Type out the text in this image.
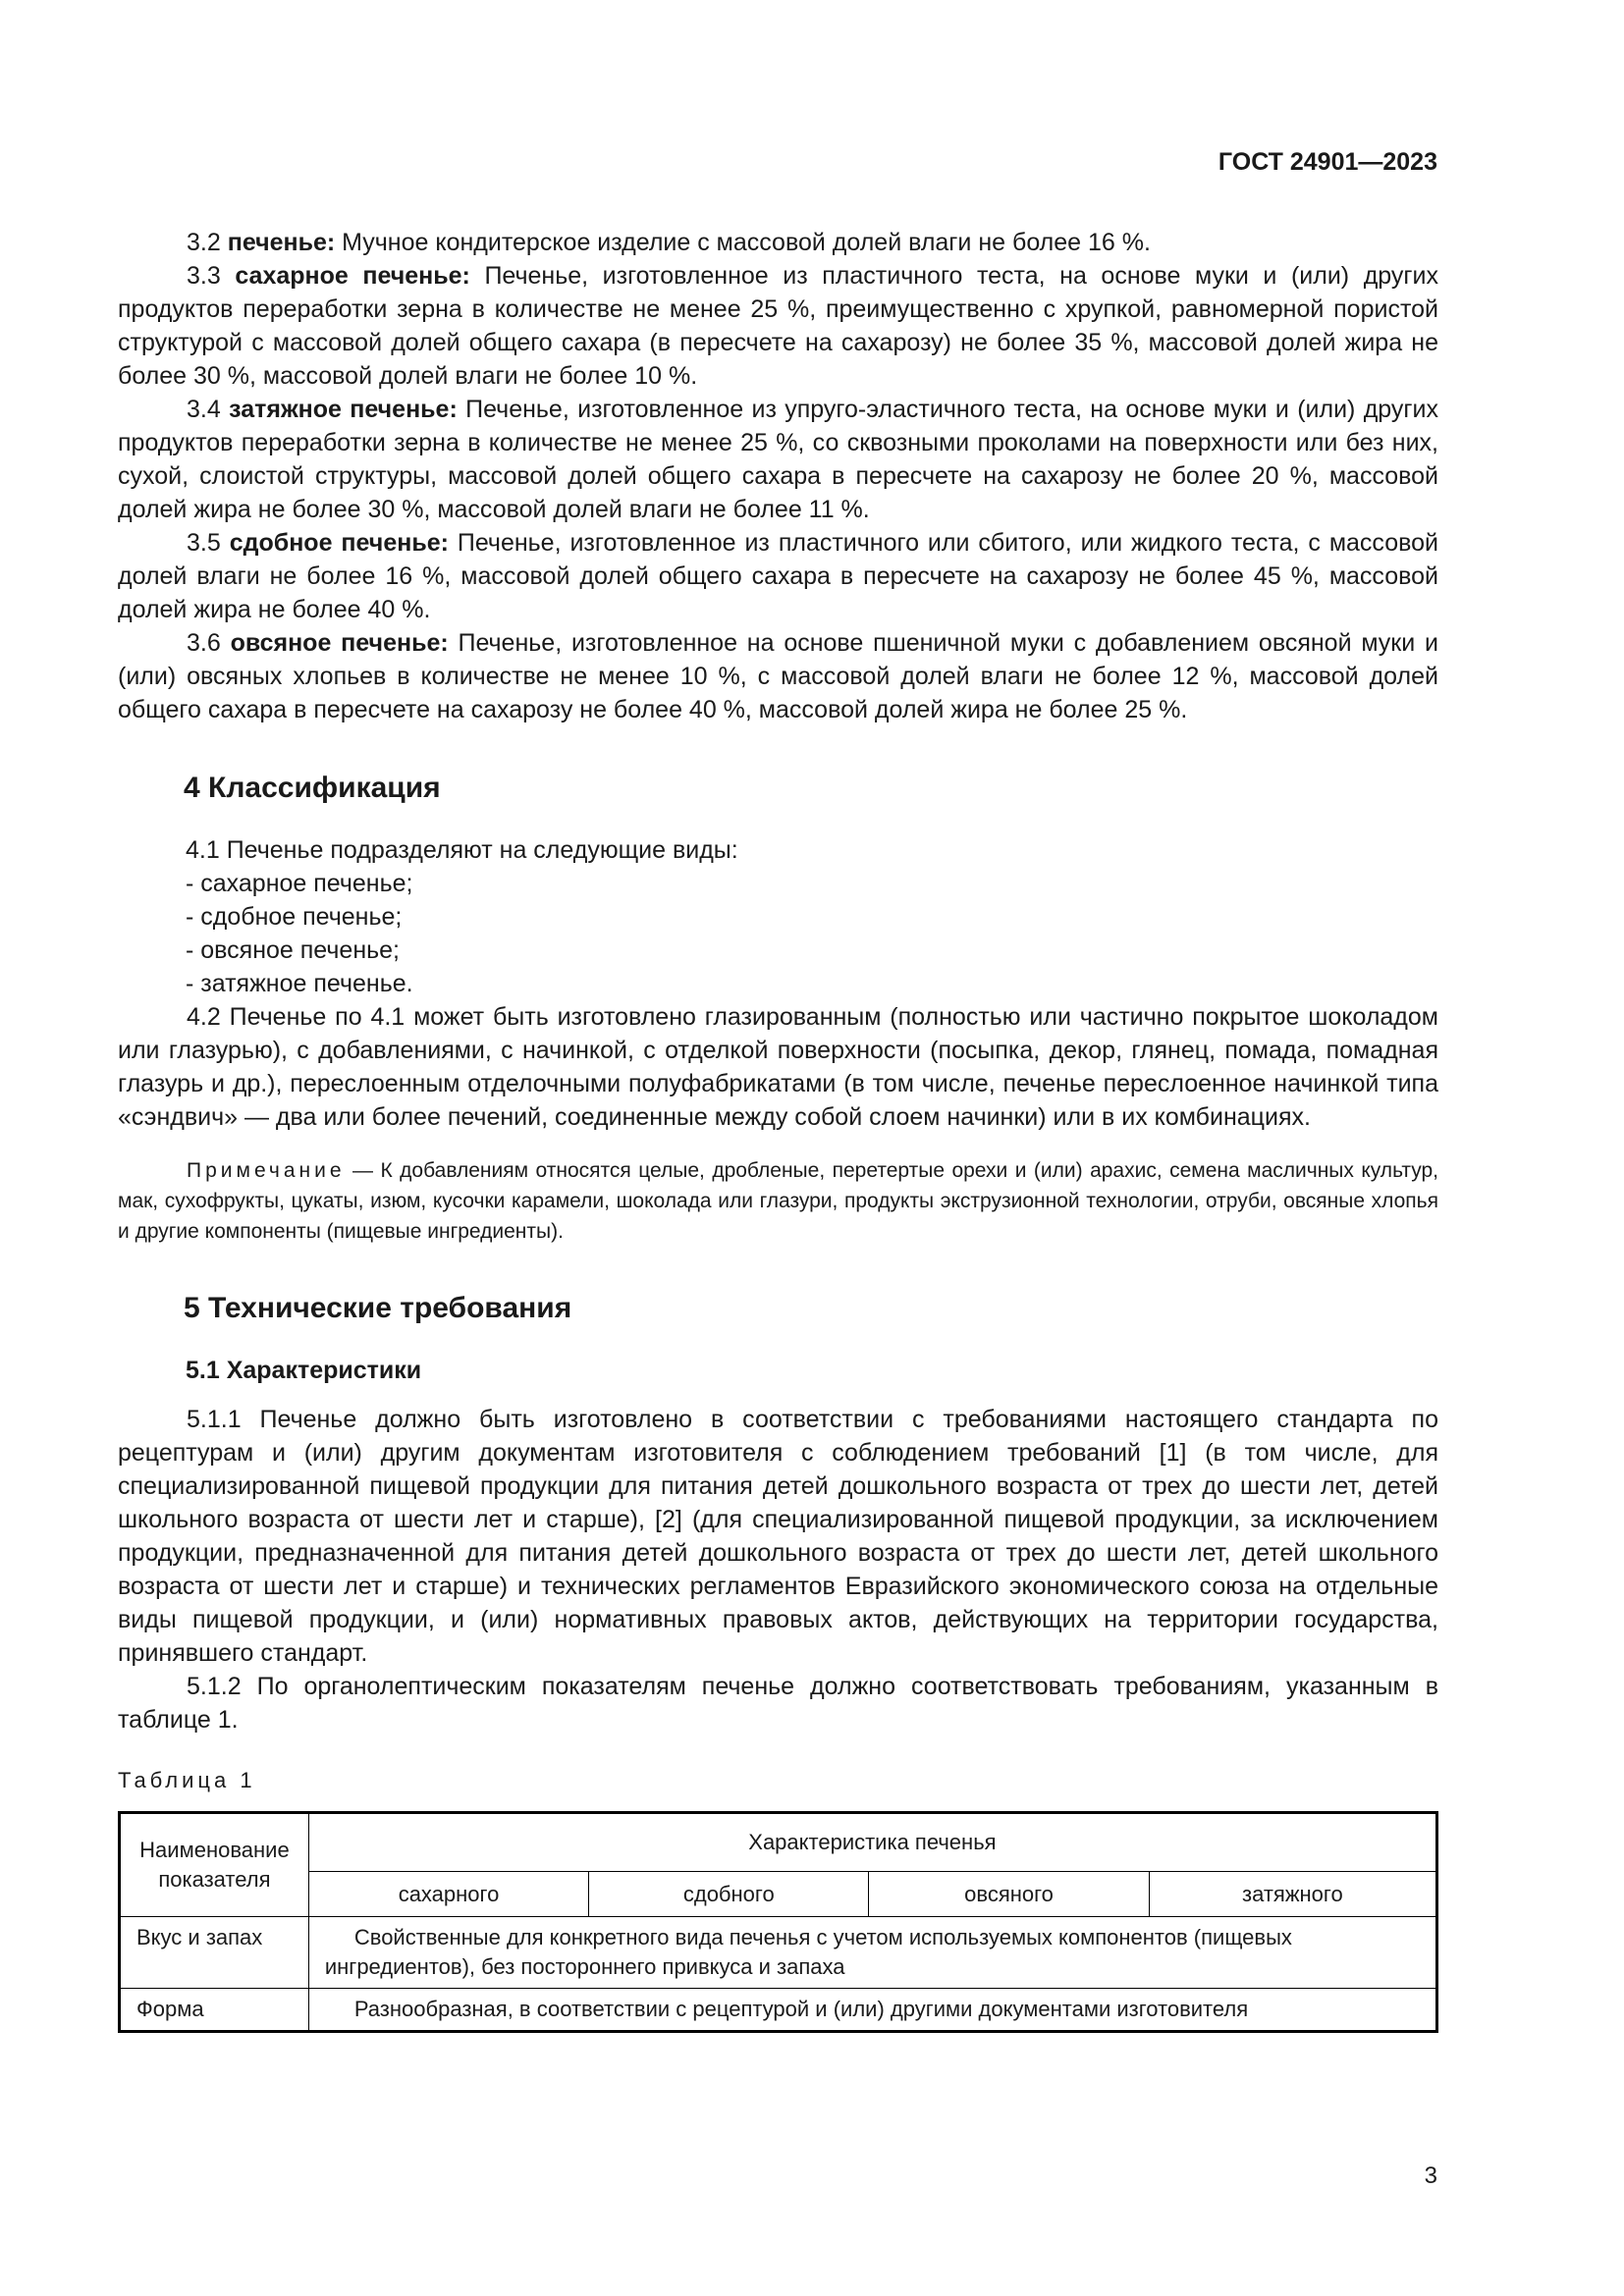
ГОСТ 24901—2023

3.2 печенье: Мучное кондитерское изделие с массовой долей влаги не более 16 %.

3.3 сахарное печенье: Печенье, изготовленное из пластичного теста, на основе муки и (или) других продуктов переработки зерна в количестве не менее 25 %, преимущественно с хрупкой, равномерной пористой структурой с массовой долей общего сахара (в пересчете на сахарозу) не более 35 %, массовой долей жира не более 30 %, массовой долей влаги не более 10 %.

3.4 затяжное печенье: Печенье, изготовленное из упруго-эластичного теста, на основе муки и (или) других продуктов переработки зерна в количестве не менее 25 %, со сквозными проколами на поверхности или без них, сухой, слоистой структуры, массовой долей общего сахара в пересчете на сахарозу не более 20 %, массовой долей жира не более 30 %, массовой долей влаги не более 11 %.

3.5 сдобное печенье: Печенье, изготовленное из пластичного или сбитого, или жидкого теста, с массовой долей влаги не более 16 %, массовой долей общего сахара в пересчете на сахарозу не более 45 %, массовой долей жира не более 40 %.

3.6 овсяное печенье: Печенье, изготовленное на основе пшеничной муки с добавлением овсяной муки и (или) овсяных хлопьев в количестве не менее 10 %, с массовой долей влаги не более 12 %, массовой долей общего сахара в пересчете на сахарозу не более 40 %, массовой долей жира не более 25 %.

4 Классификация

4.1 Печенье подразделяют на следующие виды:

- сахарное печенье;

- сдобное печенье;

- овсяное печенье;

- затяжное печенье.

4.2 Печенье по 4.1 может быть изготовлено глазированным (полностью или частично покрытое шоколадом или глазурью), с добавлениями, с начинкой, с отделкой поверхности (посыпка, декор, глянец, помада, помадная глазурь и др.), переслоенным отделочными полуфабрикатами (в том числе, печенье переслоенное начинкой типа «сэндвич» — два или более печений, соединенные между собой слоем начинки) или в их комбинациях.

Примечание — К добавлениям относятся целые, дробленые, перетертые орехи и (или) арахис, семена масличных культур, мак, сухофрукты, цукаты, изюм, кусочки карамели, шоколада или глазури, продукты экструзионной технологии, отруби, овсяные хлопья и другие компоненты (пищевые ингредиенты).

5 Технические требования
5.1 Характеристики

5.1.1 Печенье должно быть изготовлено в соответствии с требованиями настоящего стандарта по рецептурам и (или) другим документам изготовителя с соблюдением требований [1] (в том числе, для специализированной пищевой продукции для питания детей дошкольного возраста от трех до шести лет, детей школьного возраста от шести лет и старше), [2] (для специализированной пищевой продукции, за исключением продукции, предназначенной для питания детей дошкольного возраста от трех до шести лет, детей школьного возраста от шести лет и старше) и технических регламентов Евразийского экономического союза на отдельные виды пищевой продукции, и (или) нормативных правовых актов, действующих на территории государства, принявшего стандарт.

5.1.2 По органолептическим показателям печенье должно соответствовать требованиям, указанным в таблице 1.

Таблица 1

Наименование показателя	Характеристика печенья			
	сахарного	сдобного	овсяного	затяжного
Вкус и запах	Свойственные для конкретного вида печенья с учетом используемых компонентов (пищевых ингредиентов), без постороннего привкуса и запаха			
Форма	Разнообразная, в соответствии с рецептурой и (или) другими документами изготовителя			
3
